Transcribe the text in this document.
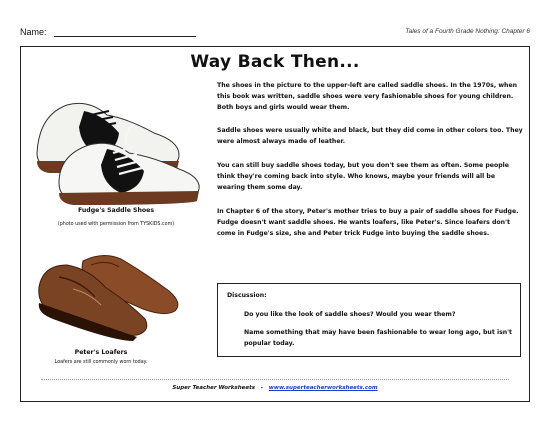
Name:	Tales of a Fourth Grade Nothing: Chapter 6
Way Back Then...
Fudge's Saddle Shoes
(photo used with permission from TYSKIDS.com)
Peter's Loafers
Loafers are still commonly worn today.
The shoes in the picture to the upper-left are called saddle shoes. In the 1970s, when this book was written, saddle shoes were very fashionable shoes for young children. Both boys and girls would wear them.
Saddle shoes were usually white and black, but they did come in other colors too. They were almost always made of leather.
You can still buy saddle shoes today, but you don't see them as often. Some people think they're coming back into style. Who knows, maybe your friends will all be wearing them some day.
In Chapter 6 of the story, Peter's mother tries to buy a pair of saddle shoes for Fudge. Fudge doesn't want saddle shoes. He wants loafers, like Peter's. Since loafers don't come in Fudge's size, she and Peter trick Fudge into buying the saddle shoes.
Discussion:
Do you like the look of saddle shoes? Would you wear them?
Name something that may have been fashionable to wear long ago, but isn't popular today.
Super Teacher Worksheets - www.superteacherworksheets.com
